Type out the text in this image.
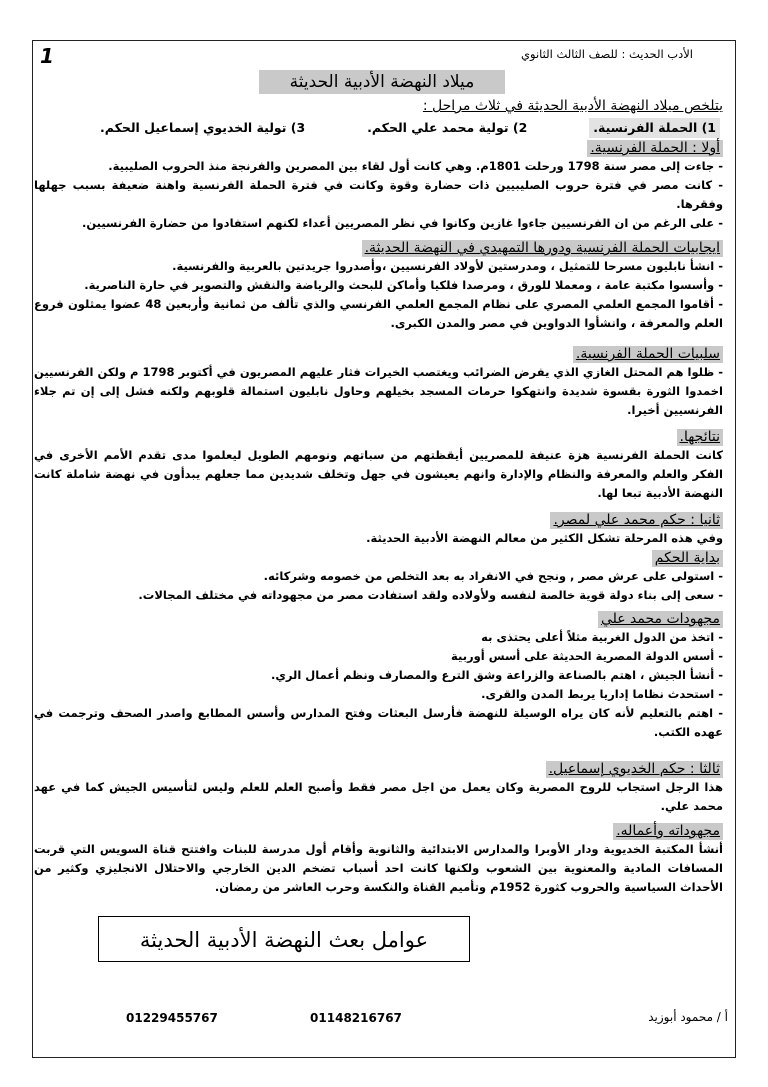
الأدب الحديث : للصف الثالث الثانوي
1
ميلاد النهضة الأدبية الحديثة
يتلخص ميلاد النهضة الأدبية الحديثة في ثلاث مراحل :
1) الحملة الفرنسية.
2) تولية محمد علي الحكم.
3) تولية الخديوي إسماعيل الحكم.
أولا : الحملة الفرنسية.

- جاءت إلى مصر سنة 1798 ورحلت 1801م. وهي كانت أول لقاء بين المصرين والفرنجة منذ الحروب الصليبية.

- كانت مصر في فترة حروب الصليبيين ذات حضارة وقوة وكانت في فترة الحملة الفرنسية واهنة ضعيفة بسبب جهلها وفقرها.

- على الرغم من ان الفرنسيين جاءوا غازين وكانوا في نظر المصريين أعداء لكنهم استفادوا من حضارة الفرنسيين.

ايجابيات الحملة الفرنسية ودورها التمهيدي في النهضة الحديثة.

- انشأ نابليون مسرحا للتمثيل ، ومدرستين لأولاد الفرنسيين ،وأصدروا جريدتين بالعربية والفرنسية.

- وأسسوا مكتبة عامة ، ومعملا للورق ، ومرصدا فلكيا وأماكن للبحث والرياضة والنقش والتصوير في حارة الناصرية.

- أقاموا المجمع العلمي المصري على نظام المجمع العلمي الفرنسي والذي تألف من ثمانية وأربعين 48 عضوا يمثلون فروع العلم والمعرفة ، وانشأوا الدواوين في مصر والمدن الكبرى.

سلبيات الحملة الفرنسية.

- ظلوا هم المحتل الغازي الذي يفرض الضرائب ويغتصب الخيرات فثار عليهم المصريون في أكتوبر 1798 م ولكن الفرنسيين اخمدوا الثورة بقسوة شديدة وانتهكوا حرمات المسجد بخيلهم وحاول نابليون استمالة قلوبهم ولكنه فشل إلى إن تم جلاء الفرنسيين أخيرا.

نتائجها.

كانت الحملة الفرنسية هزة عنيفة للمصريين أيقظتهم من سباتهم ونومهم الطويل ليعلموا مدى تقدم الأمم الأخرى في الفكر والعلم والمعرفة والنظام والإدارة وانهم يعيشون في جهل وتخلف شديدين مما جعلهم يبدأون في نهضة شاملة كانت النهضة الأدبية تبعا لها.

ثانيا : حكم محمد علي لمصر.

وفي هذه المرحلة تشكل الكثير من معالم النهضة الأدبية الحديثة.

بداية الحكم

- استولى على عرش مصر , ونجح في الانفراد به بعد التخلص من خصومه وشركائه.

- سعى إلى بناء دولة قوية خالصة لنفسه ولأولاده ولقد استفادت مصر من مجهوداته في مختلف المجالات.

مجهودات محمد علي

- اتخذ من الدول الغربية مثلاً أعلى يحتذى به

- أسس الدولة المصرية الحديثة على أسس أوربية

- أنشأ الجيش ، اهتم بالصناعة والزراعة وشق الترع والمصارف ونظم أعمال الري.

- استحدث نظاما إداريا يربط المدن والقرى.

- اهتم بالتعليم لأنه كان يراه الوسيلة للنهضة فأرسل البعثات وفتح المدارس وأسس المطابع واصدر الصحف وترجمت في عهده الكتب.

ثالثا : حكم الخديوي إسماعيل.

هذا الرجل استجاب للروح المصرية وكان يعمل من اجل مصر فقط وأصبح العلم للعلم وليس لتأسيس الجيش كما في عهد محمد علي.

مجهوداته وأعماله.

أنشأ المكتبة الخديوية ودار الأوبرا والمدارس الابتدائية والثانوية وأقام أول مدرسة للبنات وافتتح قناة السويس التي قربت المسافات المادية والمعنوية بين الشعوب ولكنها كانت احد أسباب تضخم الدين الخارجي والاحتلال الانجليزي وكثير من الأحداث السياسية والحروب كثورة 1952م وتأميم القناة والنكسة وحرب العاشر من رمضان.

عوامل بعث النهضة الأدبية الحديثة
01229455767	01148216767	أ / محمود أبوزيد
